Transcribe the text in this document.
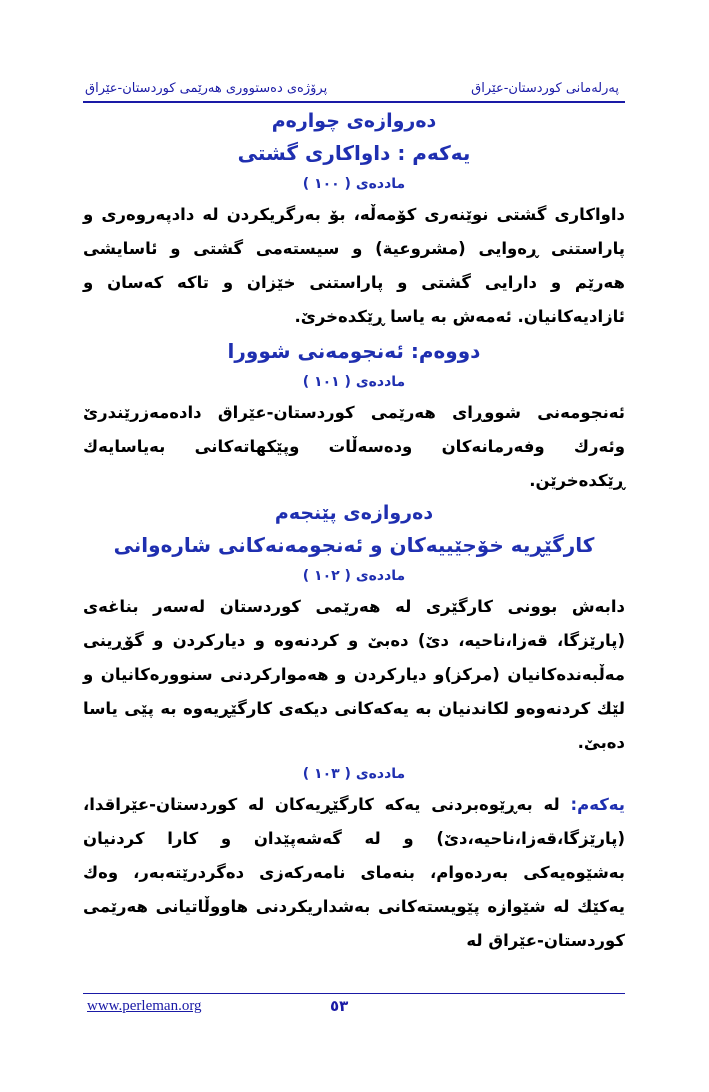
پەرلەمانی کوردستان-عێراق
پرۆژەی دەستووری هەرێمی کوردستان-عێراق
دەروازەی چوارەم
یەکەم : داواکاری گشتی
ماددەی ( ١٠٠ )

داواکاری گشتی نوێنەری کۆمەڵە، بۆ بەرگریکردن لە دادپەروەری و پاراستنی ڕەوایی (مشروعیة) و سیستەمی گشتی و ئاسایشی هەرێم و دارایی گشتی و پاراستنی خێزان و تاکە کەسان و ئازادیەکانیان. ئەمەش بە یاسا ڕێکدەخرێ.

دووەم: ئەنجومەنی شوورا
ماددەی ( ١٠١ )

ئەنجومەنی شووڕای هەرێمی کوردستان-عێراق دادەمەزرێندرێ وئەرك وفەرمانەکان ودەسەڵات وپێکهاتەکانی بەیاسایەك ڕێکدەخرێن.

دەروازەی پێنجەم
کارگێڕیە خۆجێییەکان و ئەنجومەنەکانی شارەوانی
ماددەی ( ١٠٢ )

دابەش بوونی کارگێری لە هەرێمی کوردستان لەسەر بناغەی (پارێزگا، قەزا،ناحیە، دێ) دەبێ و کردنەوە و دیارکردن و گۆڕینی مەڵبەندەکانیان (مرکز)و دیارکردن و هەموارکردنی سنوورەکانیان و لێك کردنەوەو لکاندنیان بە یەکەکانی دیکەی کارگێڕیەوە بە پێی یاسا دەبێ.

ماددەی ( ١٠٣ )

یەکەم: لە بەڕێوەبردنی یەکە کارگێڕیەکان لە کوردستان-عێراقدا، (پارێزگا،قەزا،ناحیە،دێ) و لە گەشەپێدان و کارا کردنیان بەشێوەیەکی بەردەوام، بنەمای نامەرکەزی دەگردرێتەبەر، وەك یەکێك لە شێوازە پێویستەکانی بەشداریکردنی هاووڵاتیانی هەرێمی کوردستان-عێراق لە

www.perleman.org	٥٣
